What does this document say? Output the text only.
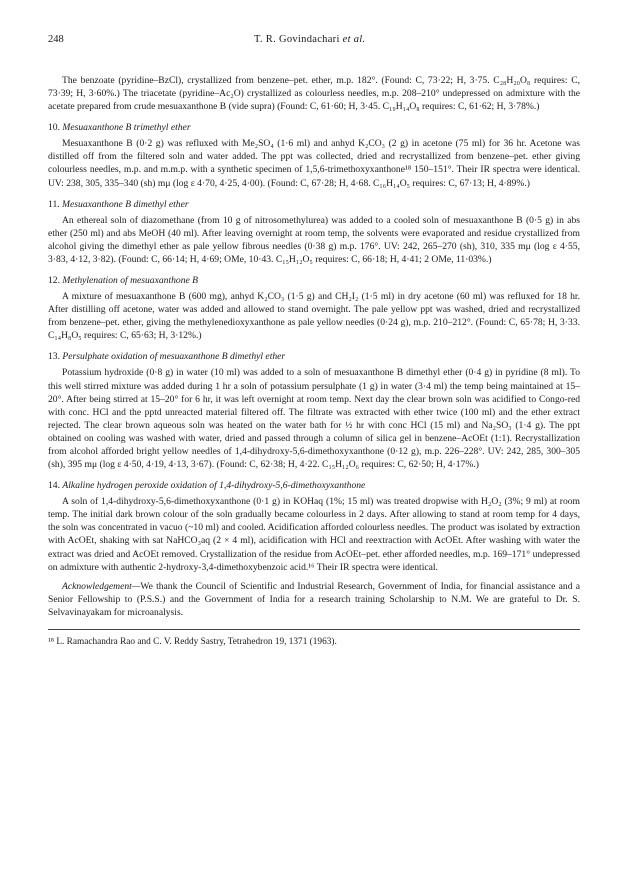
248	T. R. Govindachari et al.

The benzoate (pyridine–BzCl), crystallized from benzene–pet. ether, m.p. 182°. (Found: C, 73·22; H, 3·75. C₂₈H₂₀O₈ requires: C, 73·39; H, 3·60%.) The triacetate (pyridine–Ac₂O) crystallized as colourless needles, m.p. 208–210° undepressed on admixture with the acetate prepared from crude mesuaxanthone B (vide supra) (Found: C, 61·60; H, 3·45. C₁₉H₁₄O₈ requires: C, 61·62; H, 3·78%.)

10. Mesuaxanthone B trimethyl ether

Mesuaxanthone B (0·2 g) was refluxed with Me₂SO₄ (1·6 ml) and anhyd K₂CO₃ (2 g) in acetone (75 ml) for 36 hr. Acetone was distilled off from the filtered soln and water added. The ppt was collected, dried and recrystallized from benzene–pet. ether giving colourless needles, m.p. and m.m.p. with a synthetic specimen of 1,5,6-trimethoxyxanthone¹⁸ 150–151°. Their IR spectra were identical. UV: 238, 305, 335–340 (sh) mμ (log ε 4·70, 4·25, 4·00). (Found: C, 67·28; H, 4·68. C₁₆H₁₄O₅ requires: C, 67·13; H, 4·89%.)

11. Mesuaxanthone B dimethyl ether

An ethereal soln of diazomethane (from 10 g of nitrosomethylurea) was added to a cooled soln of mesuaxanthone B (0·5 g) in abs ether (250 ml) and abs MeOH (40 ml). After leaving overnight at room temp, the solvents were evaporated and residue crystallized from alcohol giving the dimethyl ether as pale yellow fibrous needles (0·38 g) m.p. 176°. UV: 242, 265–270 (sh), 310, 335 mμ (log ε 4·55, 3·83, 4·12, 3·82). (Found: C, 66·14; H, 4·69; OMe, 10·43. C₁₅H₁₂O₅ requires: C, 66·18; H, 4·41; 2 OMe, 11·03%.)

12. Methylenation of mesuaxanthone B

A mixture of mesuaxanthone B (600 mg), anhyd K₂CO₃ (1·5 g) and CH₂I₂ (1·5 ml) in dry acetone (60 ml) was refluxed for 18 hr. After distilling off acetone, water was added and allowed to stand overnight. The pale yellow ppt was washed, dried and recrystallized from benzene–pet. ether, giving the methylenedioxyxanthone as pale yellow needles (0·24 g), m.p. 210–212°. (Found: C, 65·78; H, 3·33. C₁₄H₈O₅ requires: C, 65·63; H, 3·12%.)

13. Persulphate oxidation of mesuaxanthone B dimethyl ether

Potassium hydroxide (0·8 g) in water (10 ml) was added to a soln of mesuaxanthone B dimethyl ether (0·4 g) in pyridine (8 ml). To this well stirred mixture was added during 1 hr a soln of potassium persulphate (1 g) in water (3·4 ml) the temp being maintained at 15–20°. After being stirred at 15–20° for 6 hr, it was left overnight at room temp. Next day the clear brown soln was acidified to Congo-red with conc. HCl and the pptd unreacted material filtered off. The filtrate was extracted with ether twice (100 ml) and the ether extract rejected. The clear brown aqueous soln was heated on the water bath for ½ hr with conc HCl (15 ml) and Na₂SO₃ (1·4 g). The ppt obtained on cooling was washed with water, dried and passed through a column of silica gel in benzene–AcOEt (1:1). Recrystallization from alcohol afforded bright yellow needles of 1,4-dihydroxy-5,6-dimethoxyxanthone (0·12 g), m.p. 226–228°. UV: 242, 285, 300–305 (sh), 395 mμ (log ε 4·50, 4·19, 4·13, 3·67). (Found: C, 62·38; H, 4·22. C₁₅H₁₂O₆ requires: C, 62·50; H, 4·17%.)

14. Alkaline hydrogen peroxide oxidation of 1,4-dihydroxy-5,6-dimethoxyxanthone

A soln of 1,4-dihydroxy-5,6-dimethoxyxanthone (0·1 g) in KOHaq (1%; 15 ml) was treated dropwise with H₂O₂ (3%; 9 ml) at room temp. The initial dark brown colour of the soln gradually became colourless in 2 days. After allowing to stand at room temp for 4 days, the soln was concentrated in vacuo (~10 ml) and cooled. Acidification afforded colourless needles. The product was isolated by extraction with AcOEt, shaking with sat NaHCO₃aq (2 × 4 ml), acidification with HCl and reextraction with AcOEt. After washing with water the extract was dried and AcOEt removed. Crystallization of the residue from AcOEt–pet. ether afforded needles, m.p. 169–171° undepressed on admixture with authentic 2-hydroxy-3,4-dimethoxybenzoic acid.¹⁶ Their IR spectra were identical.

Acknowledgement—We thank the Council of Scientific and Industrial Research, Government of India, for financial assistance and a Senior Fellowship to (P.S.S.) and the Government of India for a research training Scholarship to N.M. We are grateful to Dr. S. Selvavinayakam for microanalysis.

¹⁸ L. Ramachandra Rao and C. V. Reddy Sastry, Tetrahedron 19, 1371 (1963).
